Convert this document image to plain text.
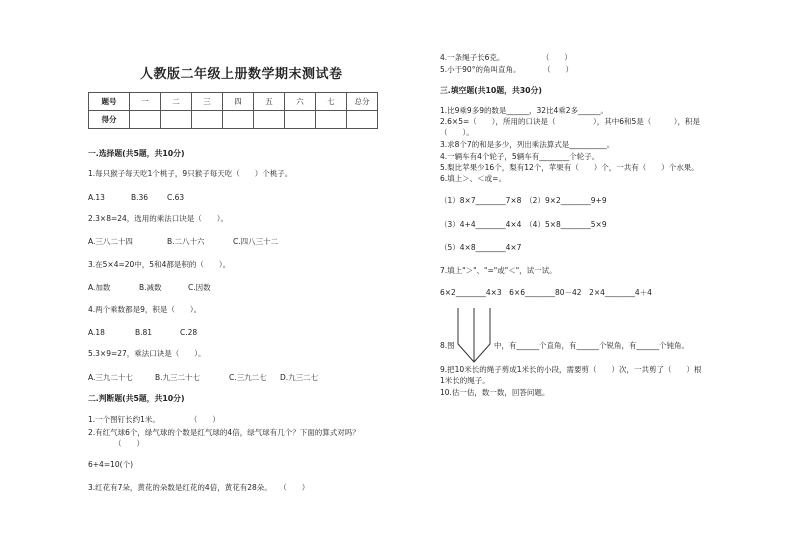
人教版二年级上册数学期末测试卷
题号	一	二	三	四	五	六	七	总分
得分								
一.选择题(共5题，共10分)
1.每只猴子每天吃1个桃子，9只猴子每天吃（　　）个桃子。
A.13	B.36	C.63
2.3×8=24，选用的乘法口诀是（　　）。
A.三八二十四	B.二八十六	C.四八三十二
3.在5×4=20中，5和4都是积的（　　）。
A.加数	B.减数	C.因数
4.两个乘数都是9，积是（　　）。
A.18	B.81	C.28
5.3×9=27，乘法口诀是（　　）。
A.三九二十七	B.九三二十七	C.三九二七 D.九三二七
二.判断题(共5题，共10分)
1.一个图钉长约1米。　　　　　（　　）
2.有红气球6个，绿气球的个数是红气球的4倍，绿气球有几个？下面的算式对吗？
（　　）
6+4=10(个)
3.红花有7朵，黄花的朵数是红花的4倍，黄花有28朵。　　（　　）
4.一条绳子长6克。　　　　　　（　　）
5.小于90°的角叫直角。　　　　（　　）
三.填空题(共10题，共30分)
1.比9乘9多9的数是______，32比4乘2多______。
2.6×5=（　　），所用的口诀是（　　　　　），其中6和5是（　　　），积是
（　　）。
3.求8个7的和是多少，列出乘法算式是__________。
4.一辆车有4个轮子，5辆车有________个轮子。
5.梨比苹果少16个，梨有12个，苹果有（　　）个，一共有（　　）个水果。
6.填上＞、＜或=。
（1）8×7________7×8　（2）9×2________9+9
（3）4+4________4×4　（4）5×8________5×9
（5）4×8________4×7
7.填上"＞"、"="或"＜"，试一试。
6×2________4×3　6×6________80－42　2×4________4＋4
8.图	中，有______个直角，有______个锐角，有______个钝角。
9.把10米长的绳子剪成1米长的小段，需要剪（　　）次，一共剪了（　　）根
1米长的绳子。
10.估一估，数一数，回答问题。
